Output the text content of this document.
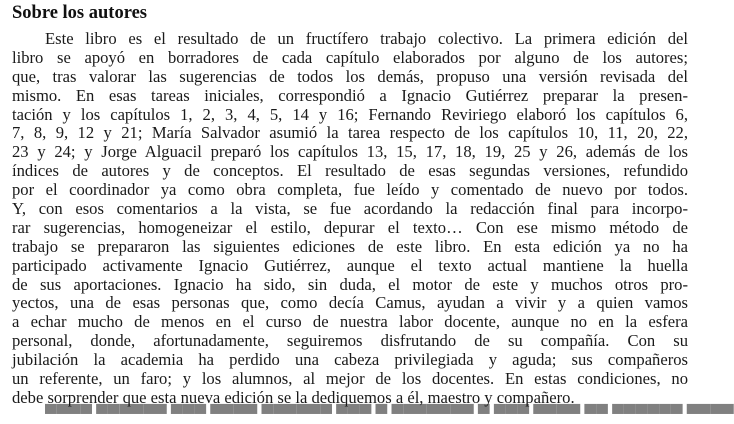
Sobre los autores
Este libro es el resultado de un fructífero trabajo colectivo. La primera edición del
libro se apoyó en borradores de cada capítulo elaborados por alguno de los autores;
que, tras valorar las sugerencias de todos los demás, propuso una versión revisada del
mismo. En esas tareas iniciales, correspondió a Ignacio Gutiérrez preparar la presen-
tación y los capítulos 1, 2, 3, 4, 5, 14 y 16; Fernando Reviriego elaboró los capítulos 6,
7, 8, 9, 12 y 21; María Salvador asumió la tarea respecto de los capítulos 10, 11, 20, 22,
23 y 24; y Jorge Alguacil preparó los capítulos 13, 15, 17, 18, 19, 25 y 26, además de los
índices de autores y de conceptos. El resultado de esas segundas versiones, refundido
por el coordinador ya como obra completa, fue leído y comentado de nuevo por todos.
Y, con esos comentarios a la vista, se fue acordando la redacción final para incorpo-
rar sugerencias, homogeneizar el estilo, depurar el texto… Con ese mismo método de
trabajo se prepararon las siguientes ediciones de este libro. En esta edición ya no ha
participado activamente Ignacio Gutiérrez, aunque el texto actual mantiene la huella
de sus aportaciones. Ignacio ha sido, sin duda, el motor de este y muchos otros pro-
yectos, una de esas personas que, como decía Camus, ayudan a vivir y a quien vamos
a echar mucho de menos en el curso de nuestra labor docente, aunque no en la esfera
personal, donde, afortunadamente, seguiremos disfrutando de su compañía. Con su
jubilación la academia ha perdido una cabeza privilegiada y aguda; sus compañeros
un referente, un faro; y los alumnos, al mejor de los docentes. En estas condiciones, no
debe sorprender que esta nueva edición se la dediquemos a él, maestro y compañero.
▀▀▀▀ ▀▀▀▀▀▀ ▀▀▀ ▀▀▀▀ ▀▀▀▀▀▀ ▀▀▀ ▀ ▀▀▀▀▀▀▀ ▀ ▀▀▀ ▀▀▀▀ ▀▀ ▀▀▀▀▀▀ ▀▀▀▀
